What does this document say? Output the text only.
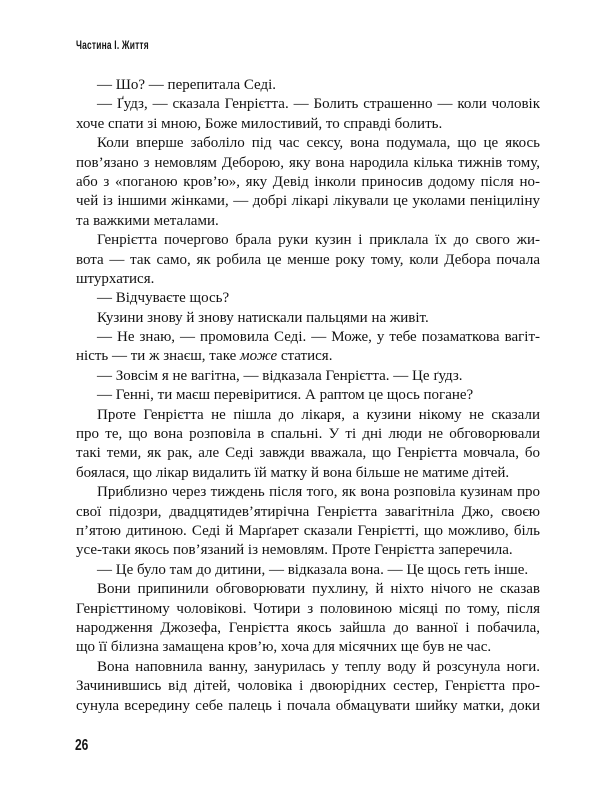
Частина І. Життя
— Шо? — перепитала Седі.
— Ґудз, — сказала Генрієтта. — Болить страшенно — коли чоловік
хоче спати зі мною, Боже милостивий, то справді болить.
Коли вперше заболіло під час сексу, вона подумала, що це якось
пов’язано з немовлям Деборою, яку вона народила кілька тижнів тому,
або з «поганою кров’ю», яку Девід інколи приносив додому після но-
чей із іншими жінками, — добрі лікарі лікували це уколами пеніциліну
та важкими металами.
Генрієтта почергово брала руки кузин і приклала їх до свого жи-
вота — так само, як робила це менше року тому, коли Дебора почала
штурхатися.
— Відчуваєте щось?
Кузини знову й знову натискали пальцями на живіт.
— Не знаю, — промовила Седі. — Може, у тебе позаматкова вагіт-
ність — ти ж знаєш, таке може статися.
— Зовсім я не вагітна, — відказала Генрієтта. — Це ґудз.
— Генні, ти маєш перевіритися. А раптом це щось погане?
Проте Генрієтта не пішла до лікаря, а кузини нікому не сказали
про те, що вона розповіла в спальні. У ті дні люди не обговорювали
такі теми, як рак, але Седі завжди вважала, що Генрієтта мовчала, бо
боялася, що лікар видалить їй матку й вона більше не матиме дітей.
Приблизно через тиждень після того, як вона розповіла кузинам про
свої підозри, двадцятидев’ятирічна Генрієтта завагітніла Джо, своєю
п’ятою дитиною. Седі й Марґарет сказали Генрієтті, що можливо, біль
усе-таки якось пов’язаний із немовлям. Проте Генрієтта заперечила.
— Це було там до дитини, — відказала вона. — Це щось геть інше.
Вони припинили обговорювати пухлину, й ніхто нічого не сказав
Генрієттиному чоловікові. Чотири з половиною місяці по тому, після
народження Джозефа, Генрієтта якось зайшла до ванної і побачила,
що її білизна замащена кров’ю, хоча для місячних ще був не час.
Вона наповнила ванну, занурилась у теплу воду й розсунула ноги.
Зачинившись від дітей, чоловіка і двоюрідних сестер, Генрієтта про-
сунула всередину себе палець і почала обмацувати шийку матки, доки
26
